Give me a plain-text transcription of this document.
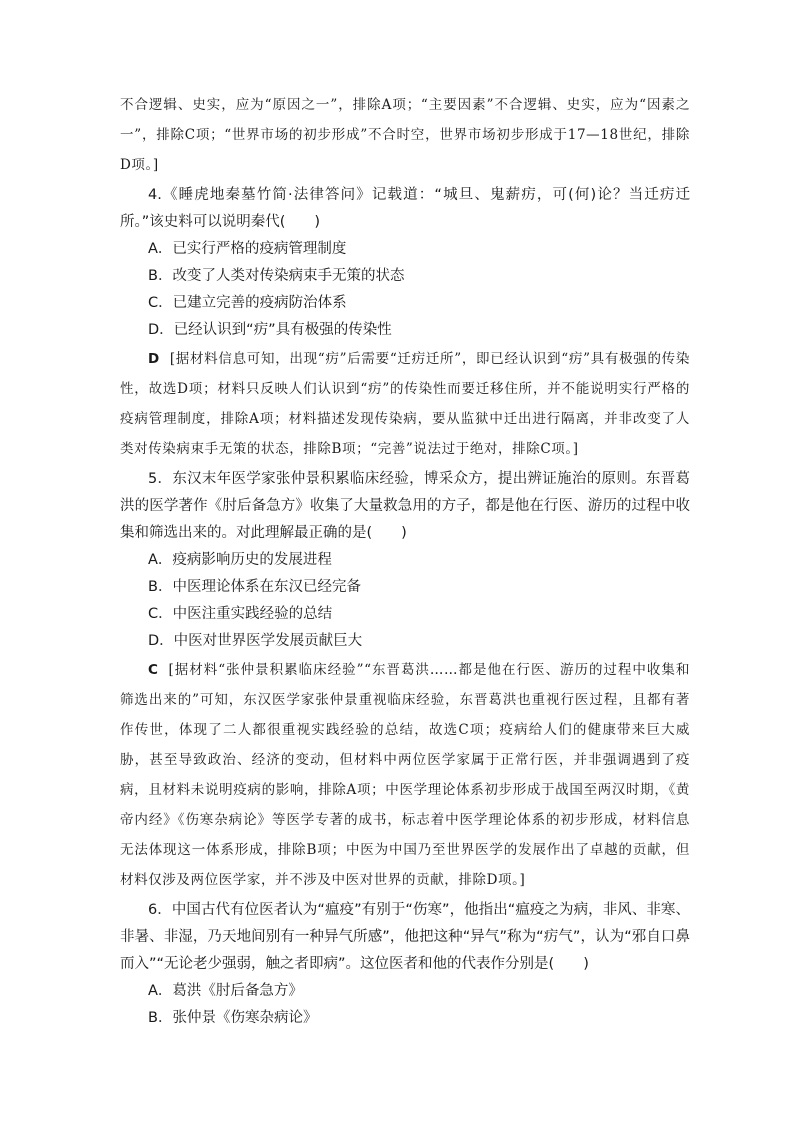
不合逻辑、史实，应为“原因之一”，排除A项；“主要因素”不合逻辑、史实，应为“因素之一”，排除C项；“世界市场的初步形成”不合时空，世界市场初步形成于17—18世纪，排除D项。]

4.《睡虎地秦墓竹简·法律答问》记载道：“城旦、鬼薪疠，可(何)论？当迁疠迁所。”该史料可以说明秦代(　　)

A．已实行严格的疫病管理制度

B．改变了人类对传染病束手无策的状态

C．已建立完善的疫病防治体系

D．已经认识到“疠”具有极强的传染性

D [据材料信息可知，出现“疠”后需要“迁疠迁所”，即已经认识到“疠”具有极强的传染性，故选D项；材料只反映人们认识到“疠”的传染性而要迁移住所，并不能说明实行严格的疫病管理制度，排除A项；材料描述发现传染病，要从监狱中迁出进行隔离，并非改变了人类对传染病束手无策的状态，排除B项；“完善”说法过于绝对，排除C项。]

5．东汉末年医学家张仲景积累临床经验，博采众方，提出辨证施治的原则。东晋葛洪的医学著作《肘后备急方》收集了大量救急用的方子，都是他在行医、游历的过程中收集和筛选出来的。对此理解最正确的是(　　)

A．疫病影响历史的发展进程

B．中医理论体系在东汉已经完备

C．中医注重实践经验的总结

D．中医对世界医学发展贡献巨大

C [据材料“张仲景积累临床经验”“东晋葛洪……都是他在行医、游历的过程中收集和筛选出来的”可知，东汉医学家张仲景重视临床经验，东晋葛洪也重视行医过程，且都有著作传世，体现了二人都很重视实践经验的总结，故选C项；疫病给人们的健康带来巨大威胁，甚至导致政治、经济的变动，但材料中两位医学家属于正常行医，并非强调遇到了疫病，且材料未说明疫病的影响，排除A项；中医学理论体系初步形成于战国至两汉时期，《黄帝内经》《伤寒杂病论》等医学专著的成书，标志着中医学理论体系的初步形成，材料信息无法体现这一体系形成，排除B项；中医为中国乃至世界医学的发展作出了卓越的贡献，但材料仅涉及两位医学家，并不涉及中医对世界的贡献，排除D项。]

6．中国古代有位医者认为“瘟疫”有别于“伤寒”，他指出“瘟疫之为病，非风、非寒、非暑、非湿，乃天地间别有一种异气所感”，他把这种“异气”称为“疠气”，认为“邪自口鼻而入”“无论老少强弱，触之者即病”。这位医者和他的代表作分别是(　　)

A．葛洪《肘后备急方》

B．张仲景《伤寒杂病论》
